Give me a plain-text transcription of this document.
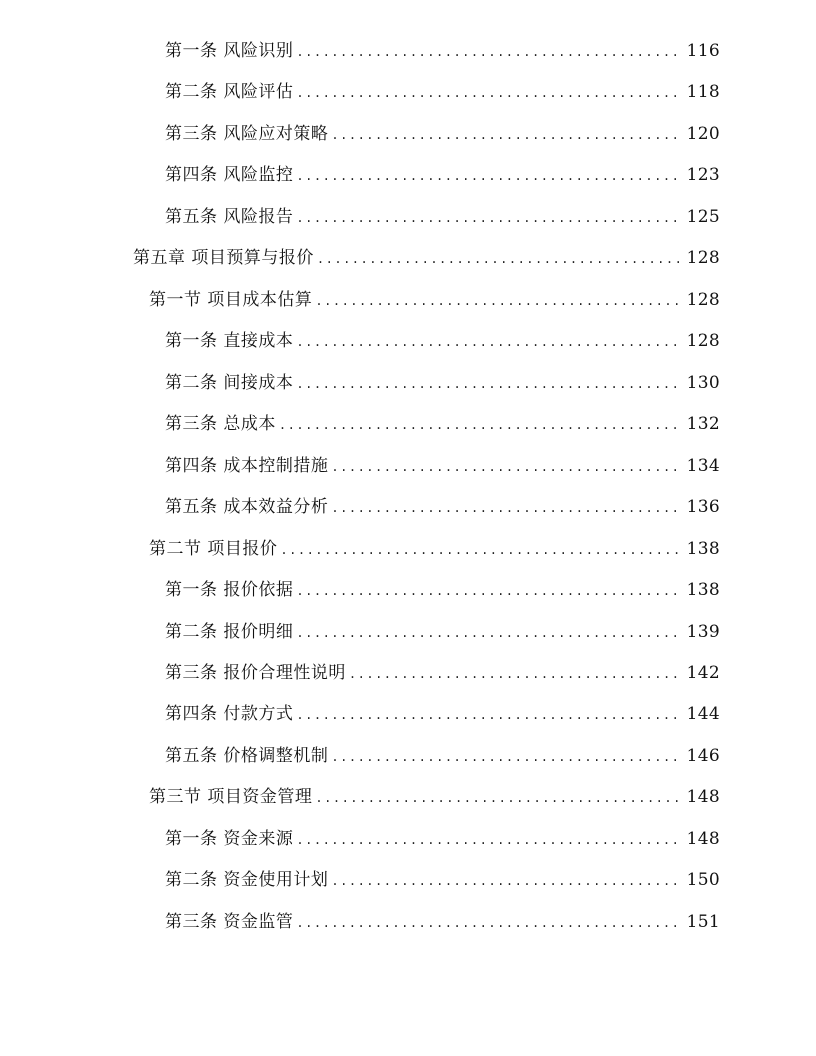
第一条 风险识别 .....	116
第二条 风险评估 .....	118
第三条 风险应对策略 .....	120
第四条 风险监控 .....	123
第五条 风险报告 .....	125
第五章 项目预算与报价 .....	128
第一节 项目成本估算 .....	128
第一条 直接成本 .....	128
第二条 间接成本 .....	130
第三条 总成本 .....	132
第四条 成本控制措施 .....	134
第五条 成本效益分析 .....	136
第二节 项目报价 .....	138
第一条 报价依据 .....	138
第二条 报价明细 .....	139
第三条 报价合理性说明 .....	142
第四条 付款方式 .....	144
第五条 价格调整机制 .....	146
第三节 项目资金管理 .....	148
第一条 资金来源 .....	148
第二条 资金使用计划 .....	150
第三条 资金监管 .....	151
